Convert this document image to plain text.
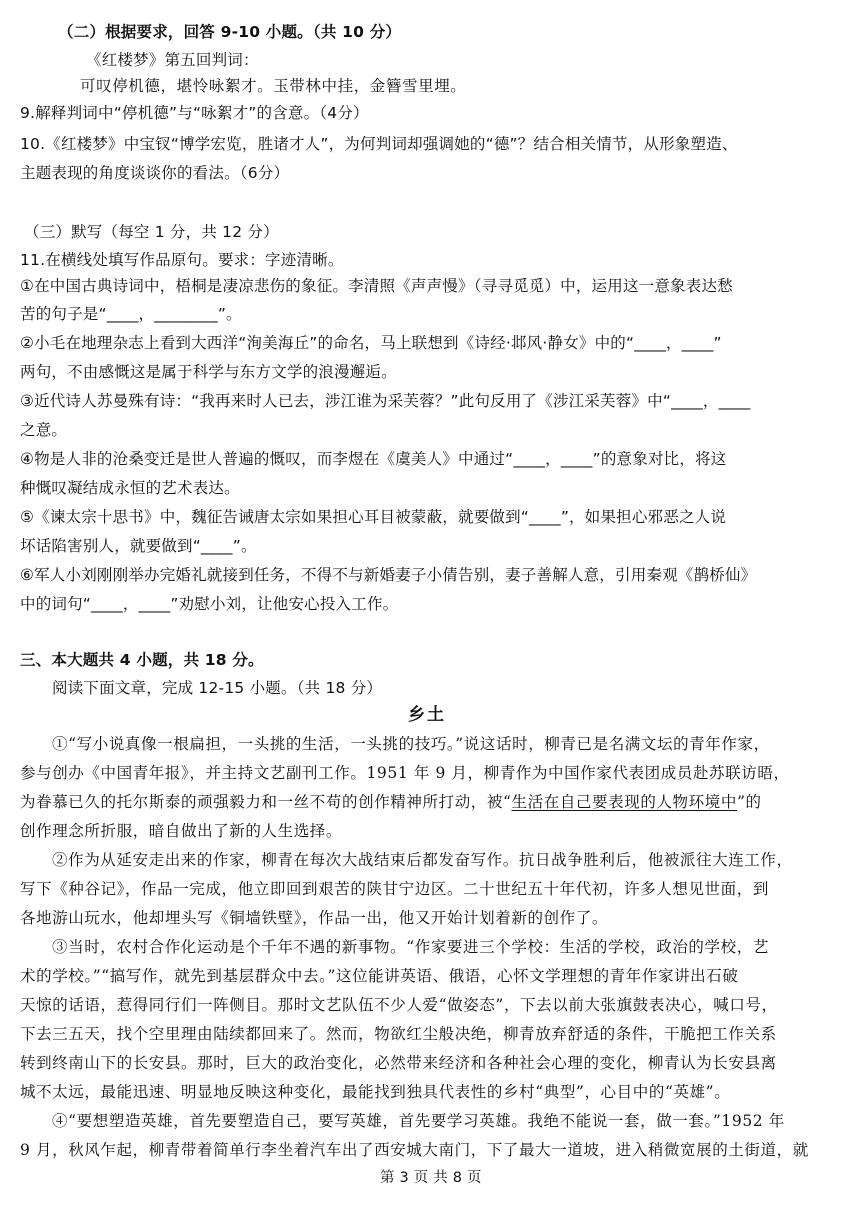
（二）根据要求，回答 9-10 小题。（共 10 分）
《红楼梦》第五回判词：
可叹停机德，堪怜咏絮才。玉带林中挂，金簪雪里埋。
9.解释判词中“停机德”与“咏絮才”的含意。（4分）
10.《红楼梦》中宝钗“博学宏览，胜诸才人”，为何判词却强调她的“德”？结合相关情节，从形象塑造、
主题表现的角度谈谈你的看法。（6分）
（三）默写（每空 1 分，共 12 分）
11.在横线处填写作品原句。要求：字迹清晰。
①在中国古典诗词中，梧桐是凄凉悲伤的象征。李清照《声声慢》（寻寻觅觅）中，运用这一意象表达愁
苦的句子是“____，________”。
②小毛在地理杂志上看到大西洋“洵美海丘”的命名，马上联想到《诗经·邶风·静女》中的“____，____”
两句，不由感慨这是属于科学与东方文学的浪漫邂逅。
③近代诗人苏曼殊有诗：“我再来时人已去，涉江谁为采芙蓉？”此句反用了《涉江采芙蓉》中“____，____
之意。
④物是人非的沧桑变迁是世人普遍的慨叹，而李煜在《虞美人》中通过“____，____”的意象对比，将这
种慨叹凝结成永恒的艺术表达。
⑤《谏太宗十思书》中，魏征告诫唐太宗如果担心耳目被蒙蔽，就要做到“____”，如果担心邪恶之人说
坏话陷害别人，就要做到“____”。
⑥军人小刘刚刚举办完婚礼就接到任务，不得不与新婚妻子小倩告别，妻子善解人意，引用秦观《鹊桥仙》
中的词句“____，____”劝慰小刘，让他安心投入工作。
三、本大题共 4 小题，共 18 分。
阅读下面文章，完成 12-15 小题。（共 18 分）
乡土
①“写小说真像一根扁担，一头挑的生活，一头挑的技巧。”说这话时，柳青已是名满文坛的青年作家，
参与创办《中国青年报》，并主持文艺副刊工作。1951 年 9 月，柳青作为中国作家代表团成员赴苏联访晤，
为眷慕已久的托尔斯泰的顽强毅力和一丝不苟的创作精神所打动，被“生活在自己要表现的人物环境中”的
创作理念所折服，暗自做出了新的人生选择。
②作为从延安走出来的作家，柳青在每次大战结束后都发奋写作。抗日战争胜利后，他被派往大连工作，
写下《种谷记》，作品一完成，他立即回到艰苦的陕甘宁边区。二十世纪五十年代初，许多人想见世面，到
各地游山玩水，他却埋头写《铜墙铁壁》，作品一出，他又开始计划着新的创作了。
③当时，农村合作化运动是个千年不遇的新事物。“作家要进三个学校：生活的学校，政治的学校，艺
术的学校。”“搞写作，就先到基层群众中去。”这位能讲英语、俄语，心怀文学理想的青年作家讲出石破
天惊的话语，惹得同行们一阵侧目。那时文艺队伍不少人爱“做姿态”，下去以前大张旗鼓表决心，喊口号，
下去三五天，找个空里理由陆续都回来了。然而，物欲红尘般决绝，柳青放弃舒适的条件，干脆把工作关系
转到终南山下的长安县。那时，巨大的政治变化，必然带来经济和各种社会心理的变化，柳青认为长安县离
城不太远，最能迅速、明显地反映这种变化，最能找到独具代表性的乡村“典型”，心目中的“英雄”。
④“要想塑造英雄，首先要塑造自己，要写英雄，首先要学习英雄。我绝不能说一套，做一套。”1952 年
9 月，秋风乍起，柳青带着简单行李坐着汽车出了西安城大南门，下了最大一道坡，进入稍微宽展的土街道，就
第 3 页 共 8 页
